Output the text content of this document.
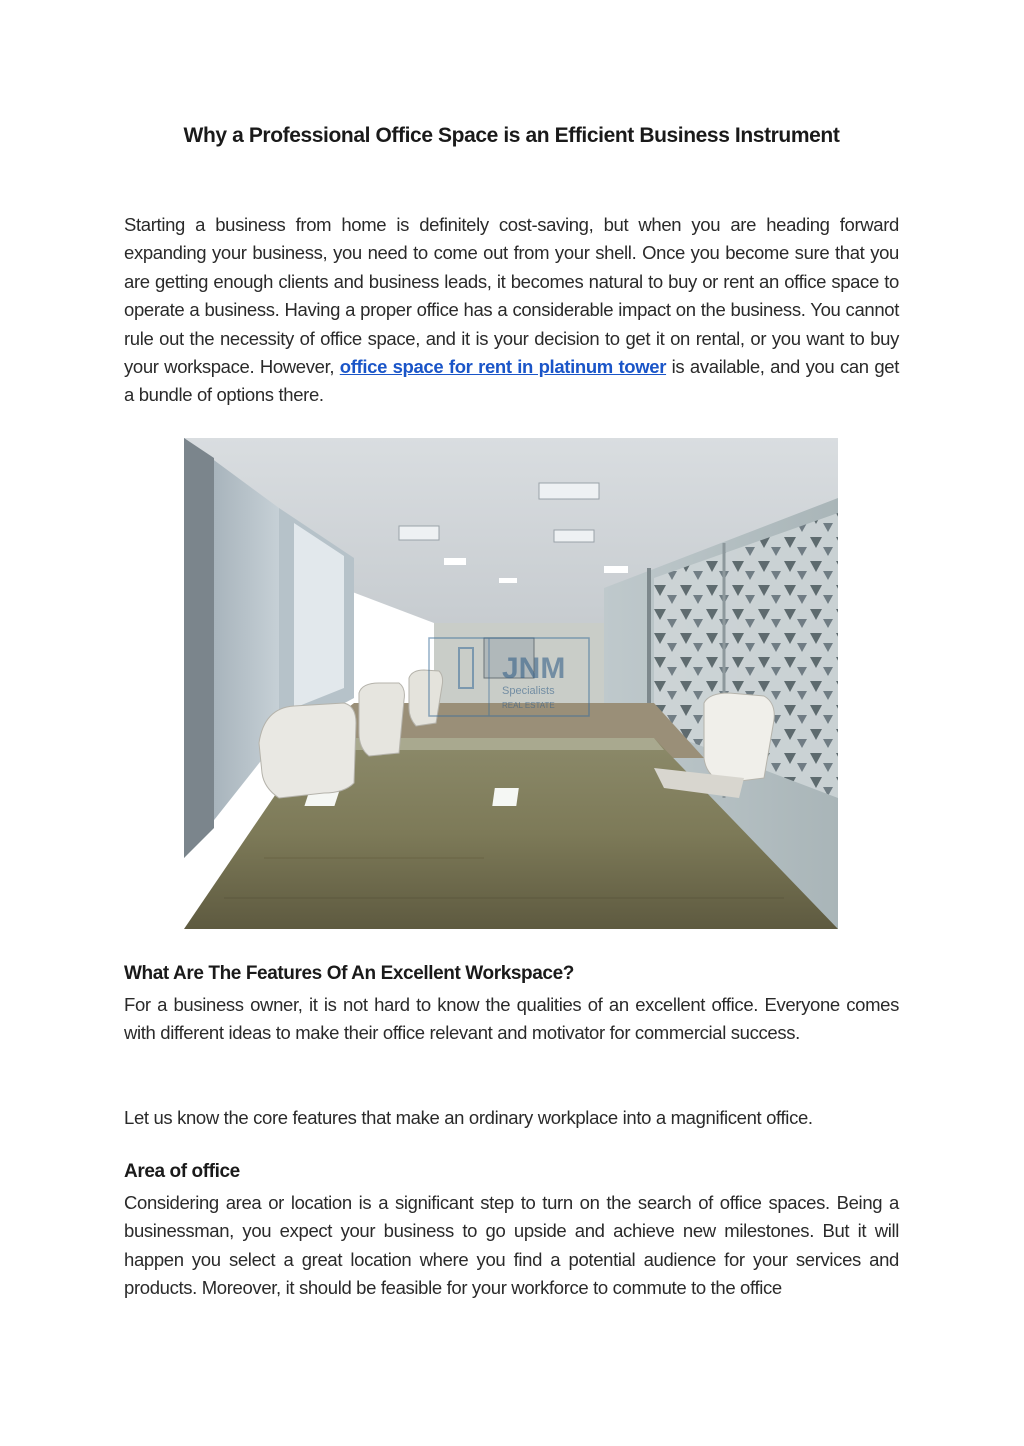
Why a Professional Office Space is an Efficient Business Instrument

Starting a business from home is definitely cost-saving, but when you are heading forward expanding your business, you need to come out from your shell. Once you become sure that you are getting enough clients and business leads, it becomes natural to buy or rent an office space to operate a business. Having a proper office has a considerable impact on the business. You cannot rule out the necessity of office space, and it is your decision to get it on rental, or you want to buy your workspace. However, office space for rent in platinum tower is available, and you can get a bundle of options there.

JNM
Specialists
REAL ESTATE
What Are The Features Of An Excellent Workspace?

For a business owner, it is not hard to know the qualities of an excellent office. Everyone comes with different ideas to make their office relevant and motivator for commercial success.

Let us know the core features that make an ordinary workplace into a magnificent office.

Area of office

Considering area or location is a significant step to turn on the search of office spaces. Being a businessman, you expect your business to go upside and achieve new milestones. But it will happen you select a great location where you find a potential audience for your services and products. Moreover, it should be feasible for your workforce to commute to the office
